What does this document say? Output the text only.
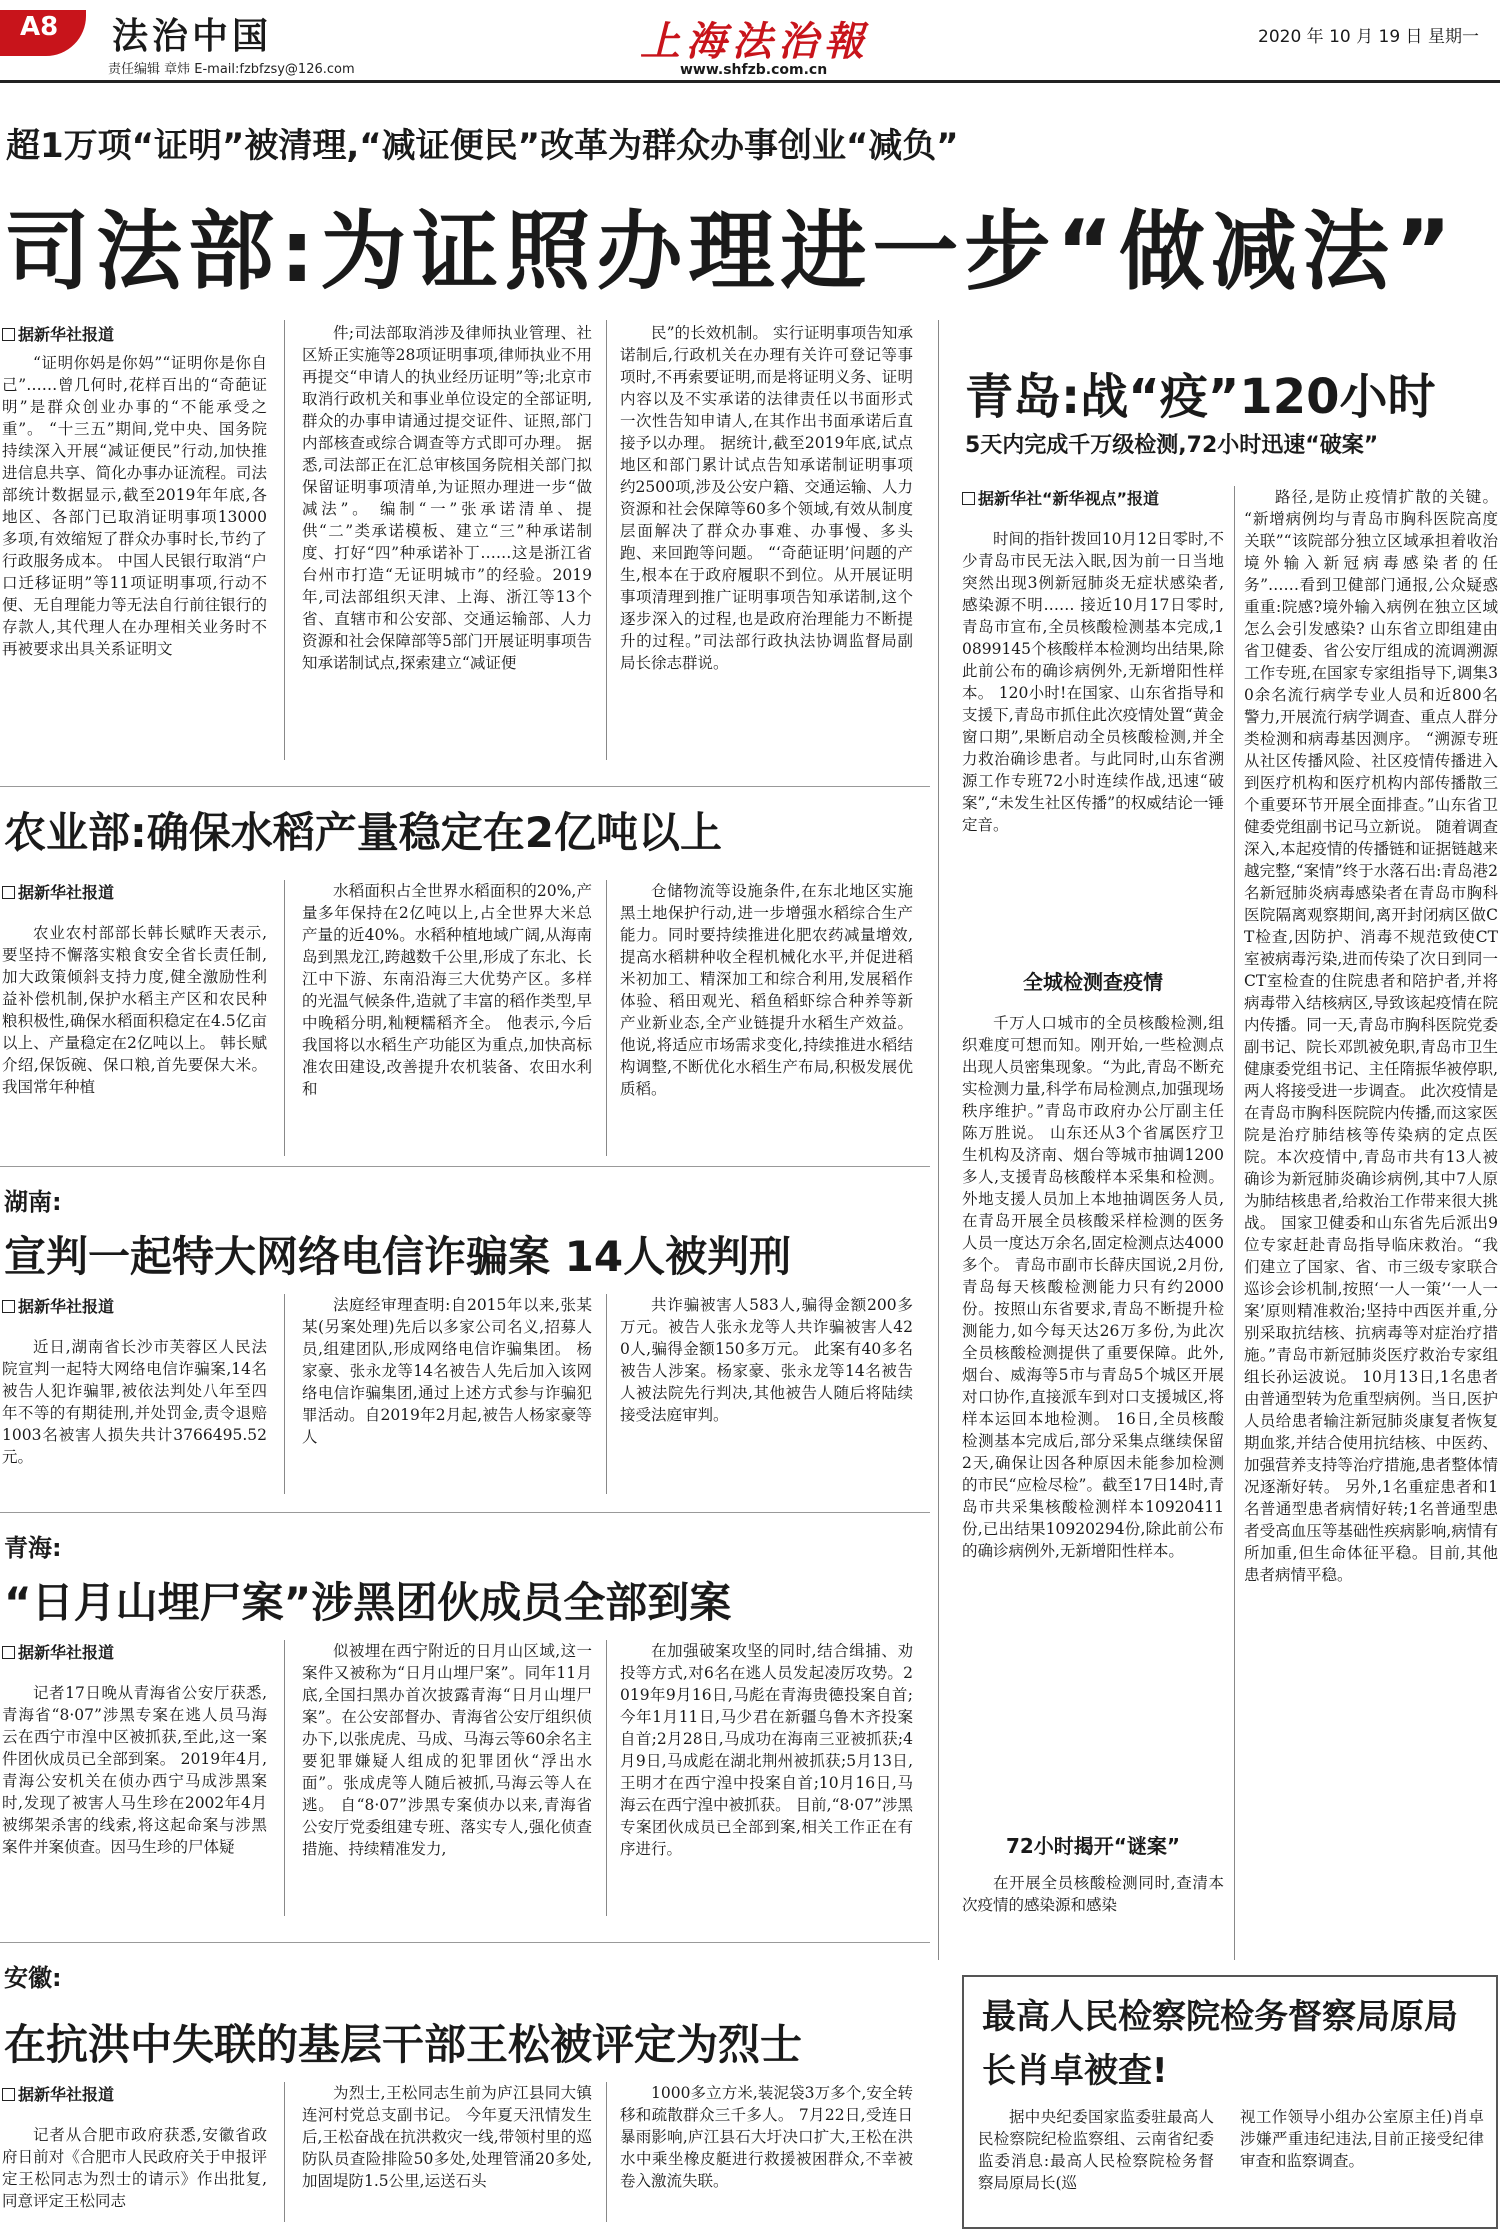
A8 法治中国
责任编辑 章炜 E-mail:fzbfzsy@126.com
上海法治報
www.shfzb.com.cn
2020 年 10 月 19 日 星期一
超1万项“证明”被清理,“减证便民”改革为群众办事创业“减负”
司法部:为证照办理进一步“做减法”
据新华社报道

“证明你妈是你妈”“证明你是你自己”……曾几何时,花样百出的“奇葩证明”是群众创业办事的“不能承受之重”。 “十三五”期间,党中央、国务院持续深入开展“减证便民”行动,加快推进信息共享、简化办事办证流程。司法部统计数据显示,截至2019年年底,各地区、各部门已取消证明事项13000多项,有效缩短了群众办事时长,节约了行政服务成本。 中国人民银行取消“户口迁移证明”等11项证明事项,行动不便、无自理能力等无法自行前往银行的存款人,其代理人在办理相关业务时不再被要求出具关系证明文

件;司法部取消涉及律师执业管理、社区矫正实施等28项证明事项,律师执业不用再提交“申请人的执业经历证明”等;北京市取消行政机关和事业单位设定的全部证明,群众的办事申请通过提交证件、证照,部门内部核查或综合调查等方式即可办理。 据悉,司法部正在汇总审核国务院相关部门拟保留证明事项清单,为证照办理进一步“做减法”。 编制“一”张承诺清单、提供“二”类承诺模板、建立“三”种承诺制度、打好“四”种承诺补丁……这是浙江省台州市打造“无证明城市”的经验。2019年,司法部组织天津、上海、浙江等13个省、直辖市和公安部、交通运输部、人力资源和社会保障部等5部门开展证明事项告知承诺制试点,探索建立“减证便

民”的长效机制。 实行证明事项告知承诺制后,行政机关在办理有关许可登记等事项时,不再索要证明,而是将证明义务、证明内容以及不实承诺的法律责任以书面形式一次性告知申请人,在其作出书面承诺后直接予以办理。 据统计,截至2019年底,试点地区和部门累计试点告知承诺制证明事项约2500项,涉及公安户籍、交通运输、人力资源和社会保障等60多个领域,有效从制度层面解决了群众办事难、办事慢、多头跑、来回跑等问题。 “‘奇葩证明’问题的产生,根本在于政府履职不到位。从开展证明事项清理到推广证明事项告知承诺制,这个逐步深入的过程,也是政府治理能力不断提升的过程。”司法部行政执法协调监督局副局长徐志群说。

农业部:确保水稻产量稳定在2亿吨以上
据新华社报道

农业农村部部长韩长赋昨天表示,要坚持不懈落实粮食安全省长责任制,加大政策倾斜支持力度,健全激励性利益补偿机制,保护水稻主产区和农民种粮积极性,确保水稻面积稳定在4.5亿亩以上、产量稳定在2亿吨以上。 韩长赋介绍,保饭碗、保口粮,首先要保大米。我国常年种植

水稻面积占全世界水稻面积的20%,产量多年保持在2亿吨以上,占全世界大米总产量的近40%。水稻种植地域广阔,从海南岛到黑龙江,跨越数千公里,形成了东北、长江中下游、东南沿海三大优势产区。多样的光温气候条件,造就了丰富的稻作类型,早中晚稻分明,籼粳糯稻齐全。 他表示,今后我国将以水稻生产功能区为重点,加快高标准农田建设,改善提升农机装备、农田水利和

仓储物流等设施条件,在东北地区实施黑土地保护行动,进一步增强水稻综合生产能力。同时要持续推进化肥农药减量增效,提高水稻耕种收全程机械化水平,并促进稻米初加工、精深加工和综合利用,发展稻作体验、稻田观光、稻鱼稻虾综合种养等新产业新业态,全产业链提升水稻生产效益。他说,将适应市场需求变化,持续推进水稻结构调整,不断优化水稻生产布局,积极发展优质稻。

湖南:
宣判一起特大网络电信诈骗案 14人被判刑
据新华社报道

近日,湖南省长沙市芙蓉区人民法院宣判一起特大网络电信诈骗案,14名被告人犯诈骗罪,被依法判处八年至四年不等的有期徒刑,并处罚金,责令退赔1003名被害人损失共计3766495.52元。

法庭经审理查明:自2015年以来,张某某(另案处理)先后以多家公司名义,招募人员,组建团队,形成网络电信诈骗集团。 杨家豪、张永龙等14名被告人先后加入该网络电信诈骗集团,通过上述方式参与诈骗犯罪活动。自2019年2月起,被告人杨家豪等人

共诈骗被害人583人,骗得金额200多万元。被告人张永龙等人共诈骗被害人420人,骗得金额150多万元。 此案有40多名被告人涉案。杨家豪、张永龙等14名被告人被法院先行判决,其他被告人随后将陆续接受法庭审判。

青海:
“日月山埋尸案”涉黑团伙成员全部到案
据新华社报道

记者17日晚从青海省公安厅获悉,青海省“8·07”涉黑专案在逃人员马海云在西宁市湟中区被抓获,至此,这一案件团伙成员已全部到案。 2019年4月,青海公安机关在侦办西宁马成涉黑案时,发现了被害人马生珍在2002年4月被绑架杀害的线索,将这起命案与涉黑案件并案侦查。因马生珍的尸体疑

似被埋在西宁附近的日月山区域,这一案件又被称为“日月山埋尸案”。同年11月底,全国扫黑办首次披露青海“日月山埋尸案”。在公安部督办、青海省公安厅组织侦办下,以张虎虎、马成、马海云等60余名主要犯罪嫌疑人组成的犯罪团伙“浮出水面”。张成虎等人随后被抓,马海云等人在逃。 自“8·07”涉黑专案侦办以来,青海省公安厅党委组建专班、落实专人,强化侦查措施、持续精准发力,

在加强破案攻坚的同时,结合缉捕、劝投等方式,对6名在逃人员发起凌厉攻势。2019年9月16日,马彪在青海贵德投案自首;今年1月11日,马少君在新疆乌鲁木齐投案自首;2月28日,马成功在海南三亚被抓获;4月9日,马成彪在湖北荆州被抓获;5月13日,王明才在西宁湟中投案自首;10月16日,马海云在西宁湟中被抓获。 目前,“8·07”涉黑专案团伙成员已全部到案,相关工作正在有序进行。

安徽:
在抗洪中失联的基层干部王松被评定为烈士
据新华社报道

记者从合肥市政府获悉,安徽省政府日前对《合肥市人民政府关于申报评定王松同志为烈士的请示》作出批复,同意评定王松同志

为烈士,王松同志生前为庐江县同大镇连河村党总支副书记。 今年夏天汛情发生后,王松奋战在抗洪救灾一线,带领村里的巡防队员查险排险50多处,处理管涌20多处,加固堤防1.5公里,运送石头

1000多立方米,装泥袋3万多个,安全转移和疏散群众三千多人。 7月22日,受连日暴雨影响,庐江县石大圩决口扩大,王松在洪水中乘坐橡皮艇进行救援被困群众,不幸被卷入激流失联。

青岛:战“疫”120小时
5天内完成千万级检测,72小时迅速“破案”
据新华社“新华视点”报道

时间的指针拨回10月12日零时,不少青岛市民无法入眠,因为前一日当地突然出现3例新冠肺炎无症状感染者,感染源不明…… 接近10月17日零时,青岛市宣布,全员核酸检测基本完成,10899145个核酸样本检测均出结果,除此前公布的确诊病例外,无新增阳性样本。 120小时!在国家、山东省指导和支援下,青岛市抓住此次疫情处置“黄金窗口期”,果断启动全员核酸检测,并全力救治确诊患者。与此同时,山东省溯源工作专班72小时连续作战,迅速“破案”,“未发生社区传播”的权威结论一锤定音。

全城检测查疫情

千万人口城市的全员核酸检测,组织难度可想而知。刚开始,一些检测点出现人员密集现象。“为此,青岛不断充实检测力量,科学布局检测点,加强现场秩序维护。”青岛市政府办公厅副主任陈万胜说。 山东还从3个省属医疗卫生机构及济南、烟台等城市抽调1200多人,支援青岛核酸样本采集和检测。外地支援人员加上本地抽调医务人员,在青岛开展全员核酸采样检测的医务人员一度达万余名,固定检测点达4000多个。 青岛市副市长薛庆国说,2月份,青岛每天核酸检测能力只有约2000份。按照山东省要求,青岛不断提升检测能力,如今每天达26万多份,为此次全员核酸检测提供了重要保障。此外,烟台、威海等5市与青岛5个城区开展对口协作,直接派车到对口支援城区,将样本运回本地检测。 16日,全员核酸检测基本完成后,部分采集点继续保留2天,确保让因各种原因未能参加检测的市民“应检尽检”。截至17日14时,青岛市共采集核酸检测样本10920411份,已出结果10920294份,除此前公布的确诊病例外,无新增阳性样本。

72小时揭开“谜案”

在开展全员核酸检测同时,查清本次疫情的感染源和感染

路径,是防止疫情扩散的关键。 “新增病例均与青岛市胸科医院高度关联”“该院部分独立区域承担着收治境外输入新冠病毒感染者的任务”……看到卫健部门通报,公众疑惑重重:院感?境外输入病例在独立区域怎么会引发感染? 山东省立即组建由省卫健委、省公安厅组成的流调溯源工作专班,在国家专家组指导下,调集30余名流行病学专业人员和近800名警力,开展流行病学调查、重点人群分类检测和病毒基因测序。 “溯源专班从社区传播风险、社区疫情传播进入到医疗机构和医疗机构内部传播散三个重要环节开展全面排查。”山东省卫健委党组副书记马立新说。 随着调查深入,本起疫情的传播链和证据链越来越完整,“案情”终于水落石出:青岛港2名新冠肺炎病毒感染者在青岛市胸科医院隔离观察期间,离开封闭病区做CT检查,因防护、消毒不规范致使CT室被病毒污染,进而传染了次日到同一CT室检查的住院患者和陪护者,并将病毒带入结核病区,导致该起疫情在院内传播。同一天,青岛市胸科医院党委副书记、院长邓凯被免职,青岛市卫生健康委党组书记、主任隋振华被停职,两人将接受进一步调查。 此次疫情是在青岛市胸科医院院内传播,而这家医院是治疗肺结核等传染病的定点医院。本次疫情中,青岛市共有13人被确诊为新冠肺炎确诊病例,其中7人原为肺结核患者,给救治工作带来很大挑战。 国家卫健委和山东省先后派出9位专家赶赴青岛指导临床救治。“我们建立了国家、省、市三级专家联合巡诊会诊机制,按照‘一人一策’‘一人一案’原则精准救治;坚持中西医并重,分别采取抗结核、抗病毒等对症治疗措施。”青岛市新冠肺炎医疗救治专家组组长孙运波说。 10月13日,1名患者由普通型转为危重型病例。当日,医护人员给患者输注新冠肺炎康复者恢复期血浆,并结合使用抗结核、中医药、加强营养支持等治疗措施,患者整体情况逐渐好转。 另外,1名重症患者和1名普通型患者病情好转;1名普通型患者受高血压等基础性疾病影响,病情有所加重,但生命体征平稳。目前,其他患者病情平稳。

最高人民检察院检务督察局原局长肖卓被查!

据中央纪委国家监委驻最高人民检察院纪检监察组、云南省纪委监委消息:最高人民检察院检务督察局原局长(巡

视工作领导小组办公室原主任)肖卓涉嫌严重违纪违法,目前正接受纪律审查和监察调查。
